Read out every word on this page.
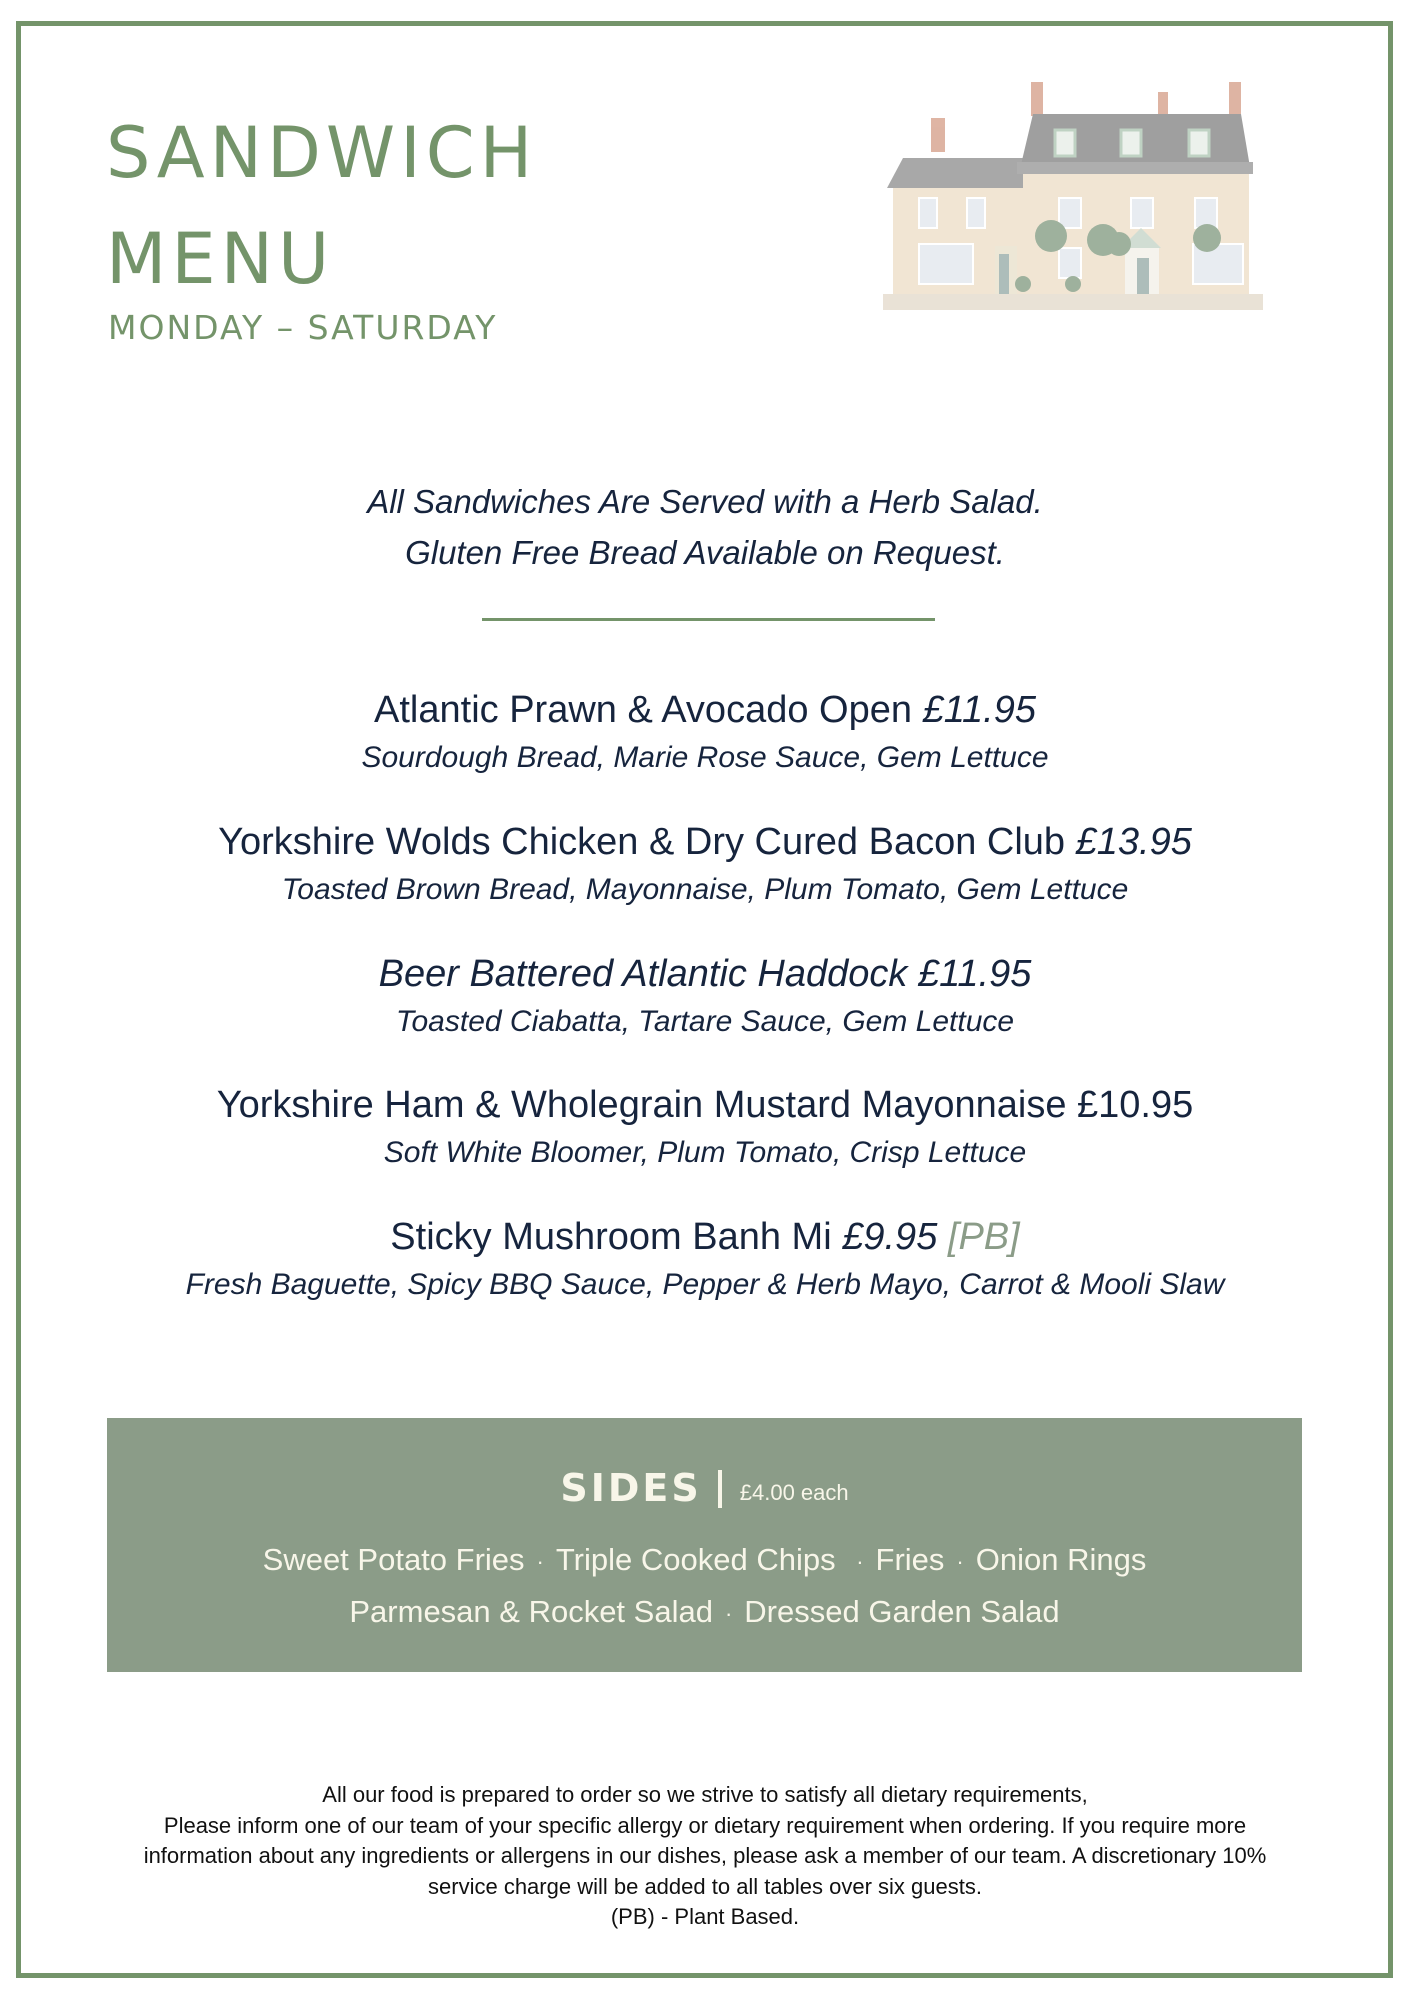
SANDWICH
MENU

MONDAY – SATURDAY

All Sandwiches Are Served with a Herb Salad.
Gluten Free Bread Available on Request.
Atlantic Prawn & Avocado Open £11.95
Sourdough Bread, Marie Rose Sauce, Gem Lettuce
Yorkshire Wolds Chicken & Dry Cured Bacon Club £13.95
Toasted Brown Bread, Mayonnaise, Plum Tomato, Gem Lettuce
Beer Battered Atlantic Haddock £11.95
Toasted Ciabatta, Tartare Sauce, Gem Lettuce
Yorkshire Ham & Wholegrain Mustard Mayonnaise £10.95
Soft White Bloomer, Plum Tomato, Crisp Lettuce
Sticky Mushroom Banh Mi £9.95 [PB]
Fresh Baguette, Spicy BBQ Sauce, Pepper & Herb Mayo, Carrot & Mooli Slaw
SIDES £4.00 each
Sweet Potato Fries · Triple Cooked Chips · Fries · Onion Rings
Parmesan & Rocket Salad · Dressed Garden Salad
All our food is prepared to order so we strive to satisfy all dietary requirements,
Please inform one of our team of your specific allergy or dietary requirement when ordering. If you require more
information about any ingredients or allergens in our dishes, please ask a member of our team. A discretionary 10%
service charge will be added to all tables over six guests.
(PB) - Plant Based.
